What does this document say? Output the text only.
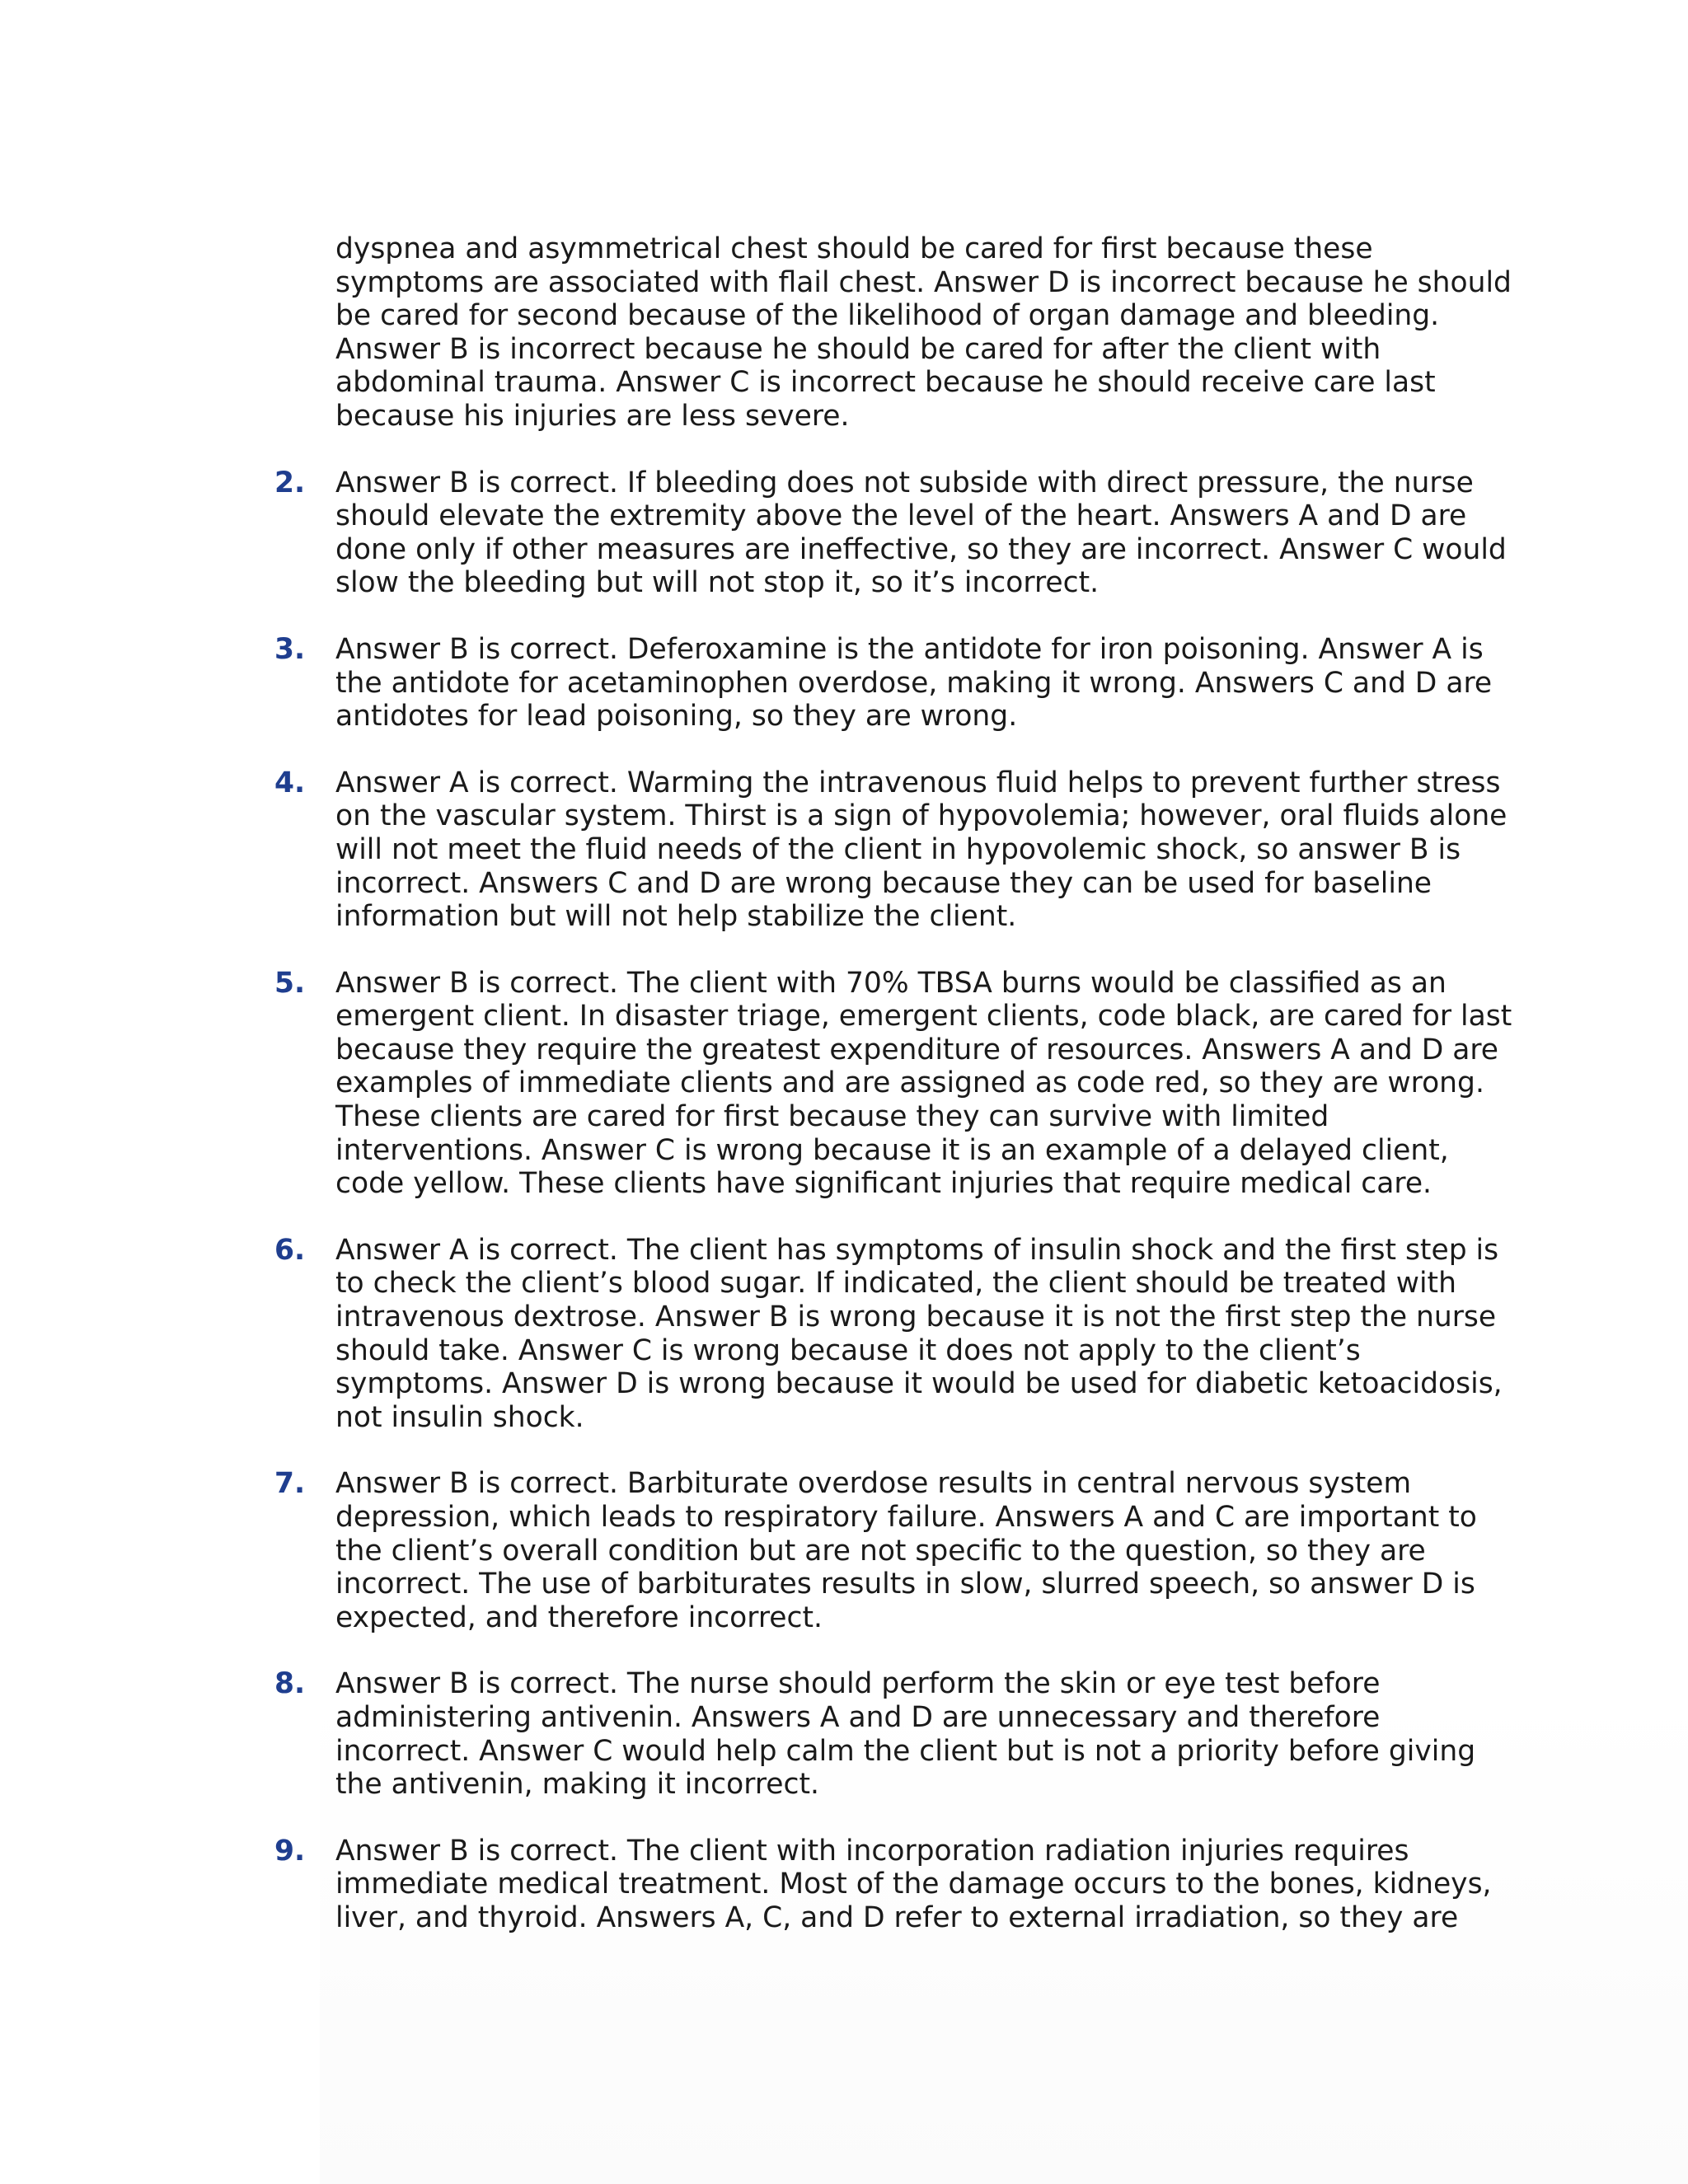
dyspnea and asymmetrical chest should be cared for first because these
symptoms are associated with flail chest. Answer D is incorrect because he should
be cared for second because of the likelihood of organ damage and bleeding.
Answer B is incorrect because he should be cared for after the client with
abdominal trauma. Answer C is incorrect because he should receive care last
because his injuries are less severe.

2.	Answer B is correct. If bleeding does not subside with direct pressure, the nurse
should elevate the extremity above the level of the heart. Answers A and D are
done only if other measures are ineffective, so they are incorrect. Answer C would
slow the bleeding but will not stop it, so it’s incorrect.

3.	Answer B is correct. Deferoxamine is the antidote for iron poisoning. Answer A is
the antidote for acetaminophen overdose, making it wrong. Answers C and D are
antidotes for lead poisoning, so they are wrong.

4.	Answer A is correct. Warming the intravenous fluid helps to prevent further stress
on the vascular system. Thirst is a sign of hypovolemia; however, oral fluids alone
will not meet the fluid needs of the client in hypovolemic shock, so answer B is
incorrect. Answers C and D are wrong because they can be used for baseline
information but will not help stabilize the client.

5.	Answer B is correct. The client with 70% TBSA burns would be classified as an
emergent client. In disaster triage, emergent clients, code black, are cared for last
because they require the greatest expenditure of resources. Answers A and D are
examples of immediate clients and are assigned as code red, so they are wrong.
These clients are cared for first because they can survive with limited
interventions. Answer C is wrong because it is an example of a delayed client,
code yellow. These clients have significant injuries that require medical care.

6.	Answer A is correct. The client has symptoms of insulin shock and the first step is
to check the client’s blood sugar. If indicated, the client should be treated with
intravenous dextrose. Answer B is wrong because it is not the first step the nurse
should take. Answer C is wrong because it does not apply to the client’s
symptoms. Answer D is wrong because it would be used for diabetic ketoacidosis,
not insulin shock.

7.	Answer B is correct. Barbiturate overdose results in central nervous system
depression, which leads to respiratory failure. Answers A and C are important to
the client’s overall condition but are not specific to the question, so they are
incorrect. The use of barbiturates results in slow, slurred speech, so answer D is
expected, and therefore incorrect.

8.	Answer B is correct. The nurse should perform the skin or eye test before
administering antivenin. Answers A and D are unnecessary and therefore
incorrect. Answer C would help calm the client but is not a priority before giving
the antivenin, making it incorrect.

9.	Answer B is correct. The client with incorporation radiation injuries requires
immediate medical treatment. Most of the damage occurs to the bones, kidneys,
liver, and thyroid. Answers A, C, and D refer to external irradiation, so they are
